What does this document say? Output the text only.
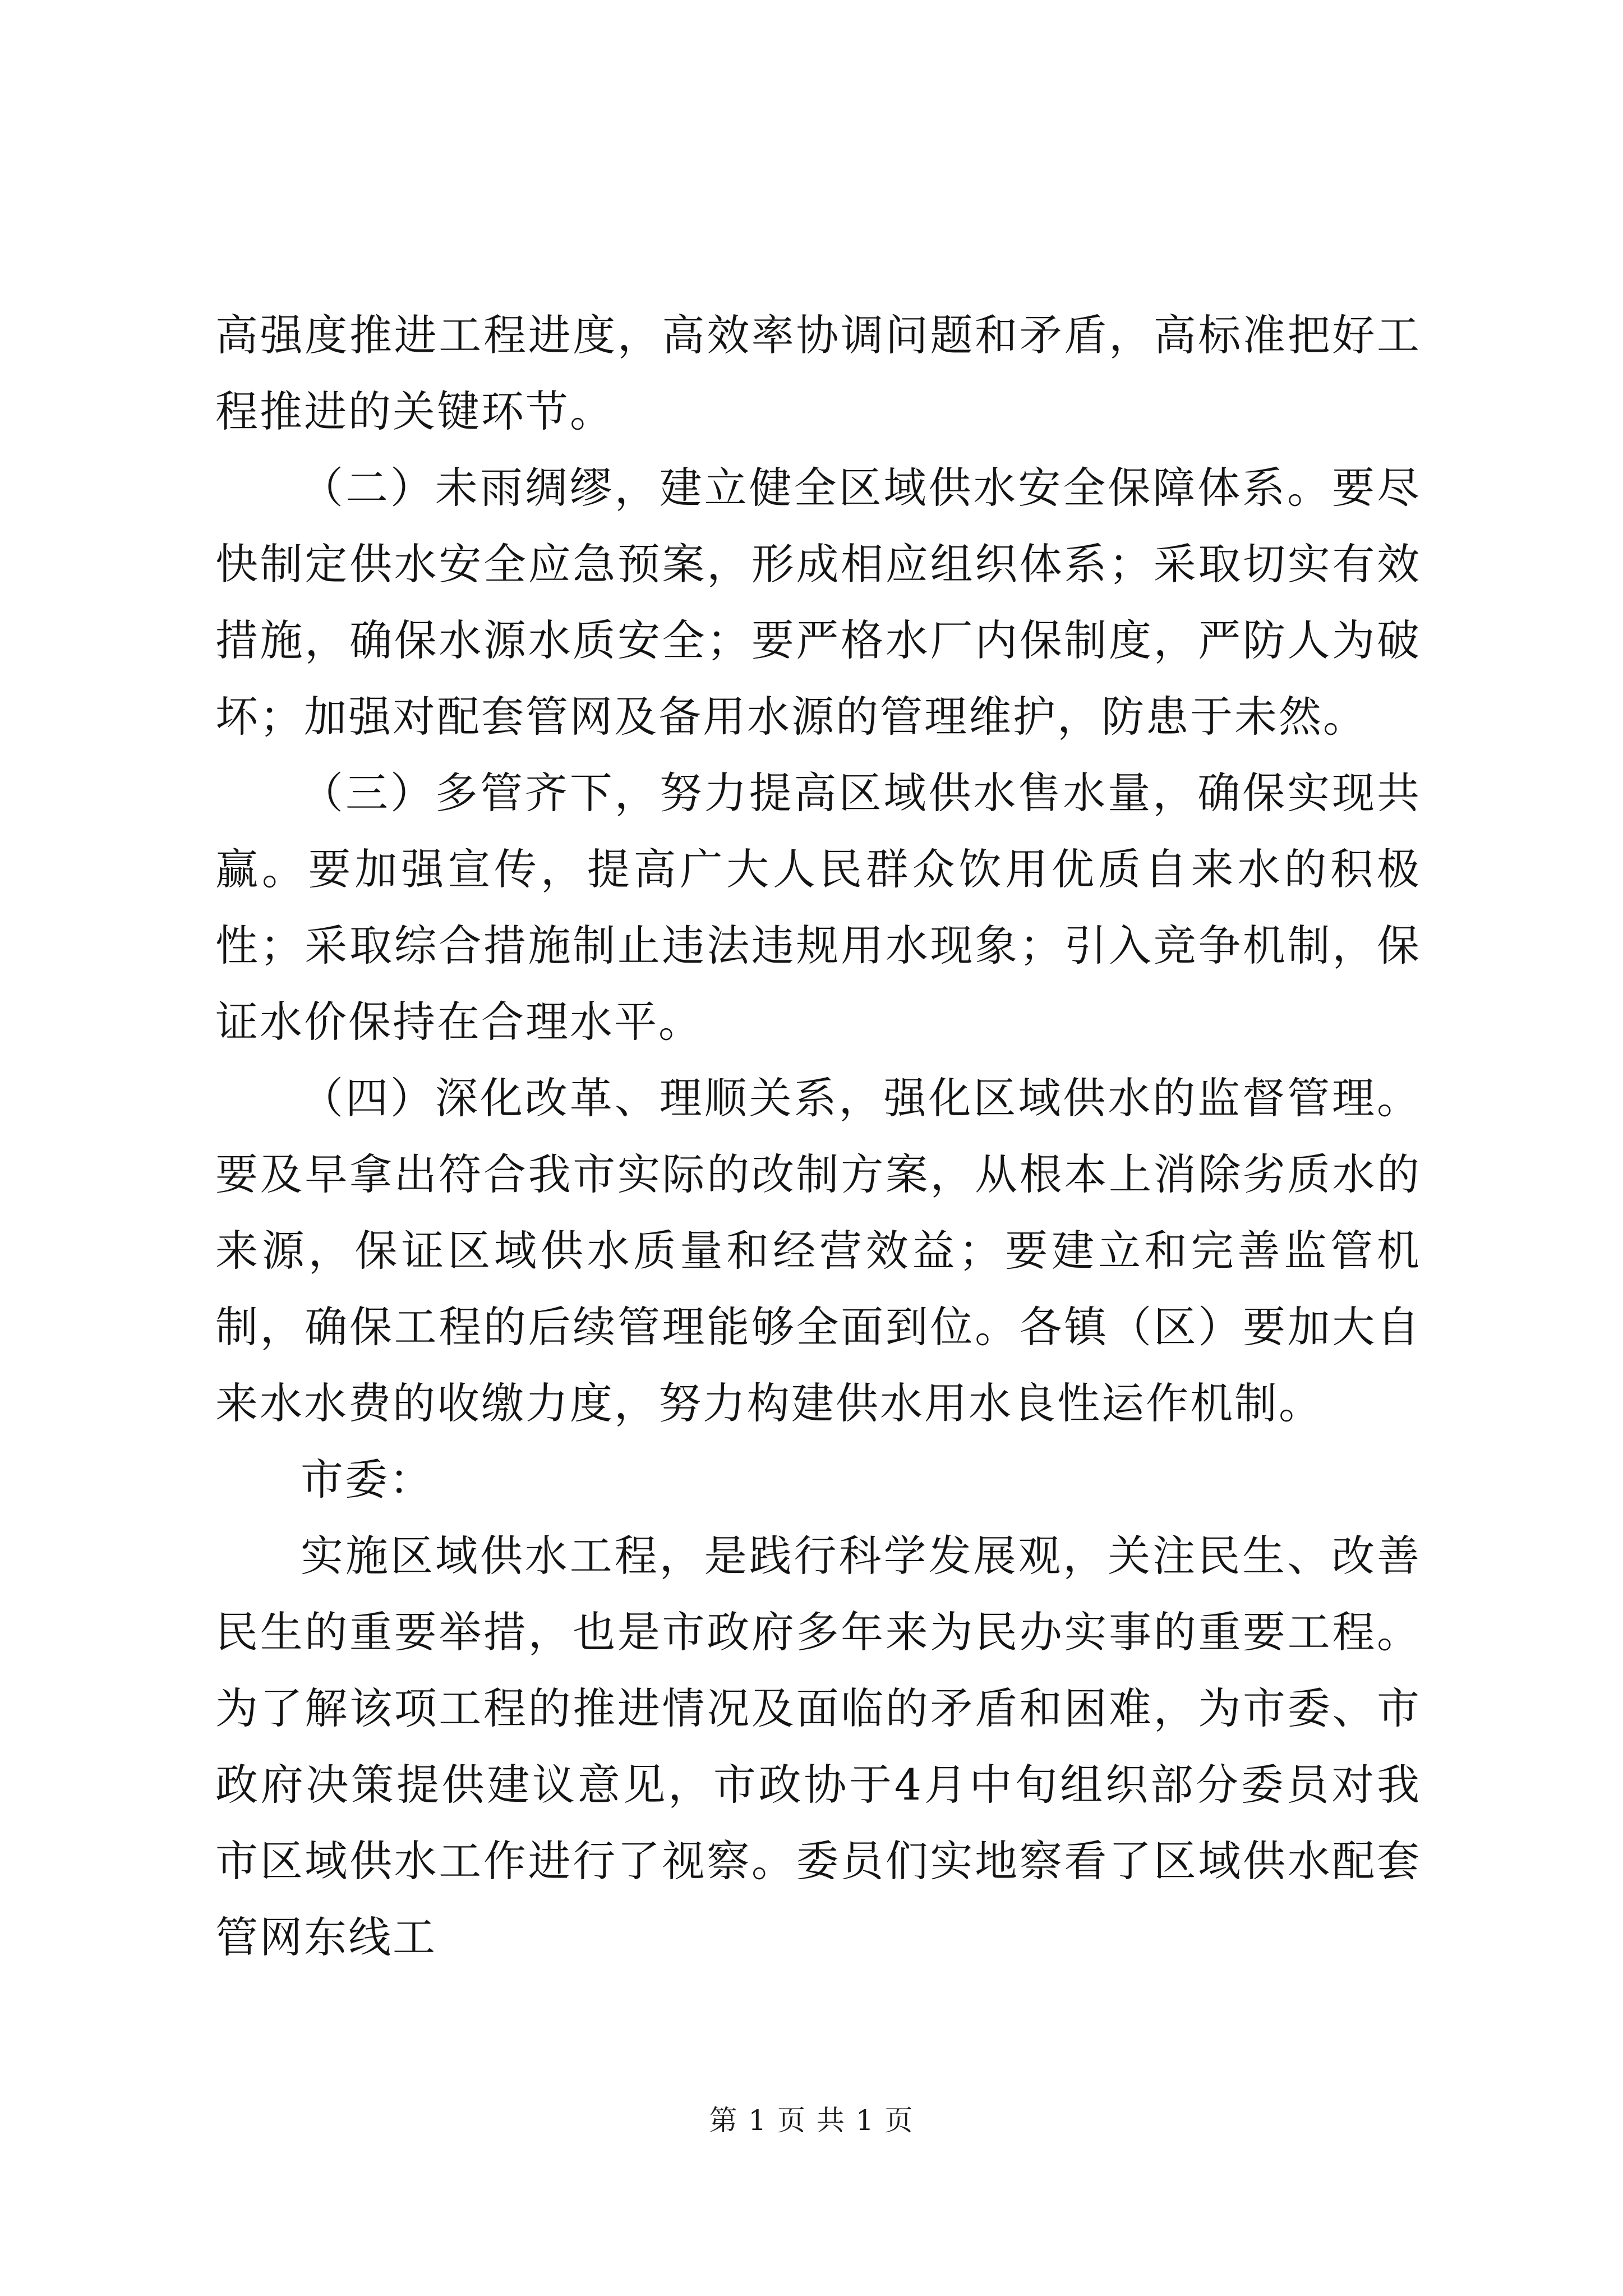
高强度推进工程进度，高效率协调问题和矛盾，高标准把好工程推进的关键环节。

（二）未雨绸缪，建立健全区域供水安全保障体系。要尽快制定供水安全应急预案，形成相应组织体系；采取切实有效措施，确保水源水质安全；要严格水厂内保制度，严防人为破坏；加强对配套管网及备用水源的管理维护，防患于未然。

（三）多管齐下，努力提高区域供水售水量，确保实现共赢。要加强宣传，提高广大人民群众饮用优质自来水的积极性；采取综合措施制止违法违规用水现象；引入竞争机制，保证水价保持在合理水平。

（四）深化改革、理顺关系，强化区域供水的监督管理。要及早拿出符合我市实际的改制方案，从根本上消除劣质水的来源，保证区域供水质量和经营效益；要建立和完善监管机制，确保工程的后续管理能够全面到位。各镇（区）要加大自来水水费的收缴力度，努力构建供水用水良性运作机制。

市委：

实施区域供水工程，是践行科学发展观，关注民生、改善民生的重要举措，也是市政府多年来为民办实事的重要工程。为了解该项工程的推进情况及面临的矛盾和困难，为市委、市政府决策提供建议意见，市政协于4月中旬组织部分委员对我市区域供水工作进行了视察。委员们实地察看了区域供水配套管网东线工

第 1 页 共 1 页
